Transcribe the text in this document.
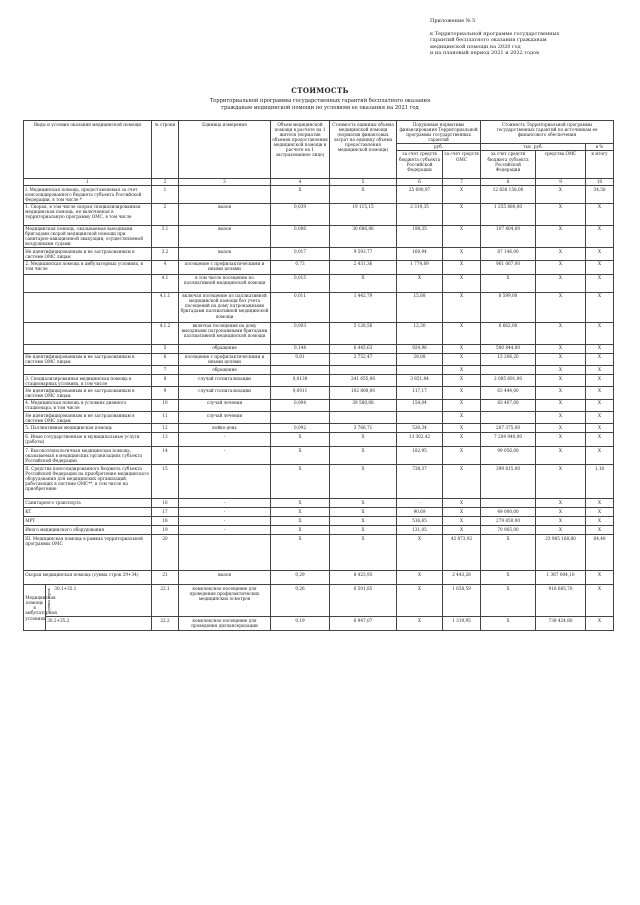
Приложение № 5
к Территориальной программе государственных
гарантий бесплатного оказания гражданам
медицинской помощи на 2020 год
и на плановый период 2021 и 2022 годов
СТОИМОСТЬ
Территориальной программы государственных гарантий бесплатного оказания
гражданам медицинской помощи по условиям ее оказания на 2021 год
Виды и условия оказания медицинской помощи		№ строки	Единица измерения	Объем медицинской помощи в расчете на 1 жителя (норматив объемов предоставления медицинской помощи в расчете на 1 застрахованное лицо)	Стоимость единицы объема медицинской помощи (норматив финансовых затрат на единицу объема предоставления медицинской помощи)	Подушевые нормативы финансирования Территориальной программы государственных гарантий		Стоимость Территориальной программы государственных гарантий по источникам ее финансового обеспечения		
						руб.		тыс. руб.		в %
						за счет средств бюджета субъекта Российской Федерации	за счет средств ОМС	за счет средств бюджета субъекта Российской Федерации	средства ОМС	к итогу
1		2	3	4	5	6	7	8	9	10
I. Медицинская помощь, предоставляемая за счет консолидированного бюджета субъекта Российской Федерации, в том числе *		1		X	X	25 690,97	X	12 838 158,00	X	34,50
1. Скорая, в том числе скорая специализированная медицинская помощь, не включенная в территориальную программу ОМС, в том числе		2	вызов	0,039	19 115,15	2 319,35	X	1 255 880,00	X	X
Медицинская помощь, оказываемая выездными бригадами скорой медицинской помощи при санитарно-авиационной эвакуации, осуществляемой воздушными судами		3.1	вызов	0,006	30 686,86	198,35	X	107 404,00	X	X
Не идентифицированным и не застрахованным в системе ОМС лицам		3.2	вызов	0,017	9 593,77	160,94	X	87 146,00	X	X
2. Медицинская помощь в амбулаторных условиях, в том числе		4	посещение с профилактическими и иными целями	0,73	2 431,36	1 774,89	X	961 067,00	X	X
		4.1	в том числе посещение по паллиативной медицинской помощи	0,015	X	X	X	X	X	X
		4.1.1	включая посещение по паллиативной медицинской помощи без учета посещений на дому патронажными бригадами паллиативной медицинской помощи	0,011	1 442,79	15,88	X	8 599,00	X	X
		4.1.2	включая посещения на дому выездными патронажными бригадами паллиативной медицинской помощи	0,003	5 128,56	12,30	X	6 662,00	X	X
		5	обращение	0,144	6 445,63	924,96	X	500 844,00	X	X
Не идентифицированным и не застрахованным в системе ОМС лицам		6	посещение с профилактическими и иными целями	0,01	2 752,47	28,08	X	15 206,20	X	X
		7	обращение				X		X	X
3. Специализированная медицинская помощь в стационарных условиях, в том числе		8	случай госпитализации	0,0139	241 655,06	3 851,84	X	2 085 691,00	X	X
Не идентифицированным и не застрахованным в системе ОМС лицам		9	случай госпитализации	0,0011	102 800,00	117,17	X	63 444,00	X	X
4. Медицинская помощь в условиях дневного стационара, в том числе		10	случай лечения	0,004	39 580,08	154,04	X	83 407,00	X	X
Не идентифицированным и не застрахованным в системе ОМС лицам		11	случай лечения				X		X	X
5. Паллиативная медицинская помощь		12	койко-день	0,092	3 766,71	530,34	X	287 375,00	X	X
6. Иные государственные и муниципальные услуги (работы)		13	-	X	X	13 302,42	X	7 204 940,00	X	X
7. Высокотехнологичная медицинская помощь, оказываемая в медицинских организациях субъекта Российской Федерации		14	-	X	X	182,95	X	99 056,00	X	X
II. Средства консолидированного бюджета субъекта Российской Федерации на приобретение медицинского оборудования для медицинских организаций, работающих в системе ОМС**, в том числе на приобретение		15		X	X	738,37	X	399 815,00	X	1,10
Санитарного транспорта		16	-	X	X	-	X		X	X
КТ		17	-	X	X	90,69	X	49 000,00	X	X
МРТ		18	-	X	X	516,65	X	279 850,00	X	X
Иного медицинского оборудования		19	-	X	X	131,05	X	70 965,00	X	X
III. Медицинская помощь в рамках территориальной программы ОМС		20		X	X	X	42 873,92	X	23 985 168,80	64,40
Скорая медицинская помощь (сумма строк 29+34)		21	вызов	0,29	8 423,95	X	2 443,28	X	1 367 004,10	X
Медицинская помощь в амбулаторных условиях	сумма строк 30.1+35.1	22.1	комплексное посещение для проведения профилактических медицинских осмотров	0,26	6 501,85	X	1 658,59	X	916 685,70	X
	30.2+35.2	22.2	комплексное посещение для проведения диспансеризации	0,19	6 947,07	X	1 319,95	X	738 424,80	X
